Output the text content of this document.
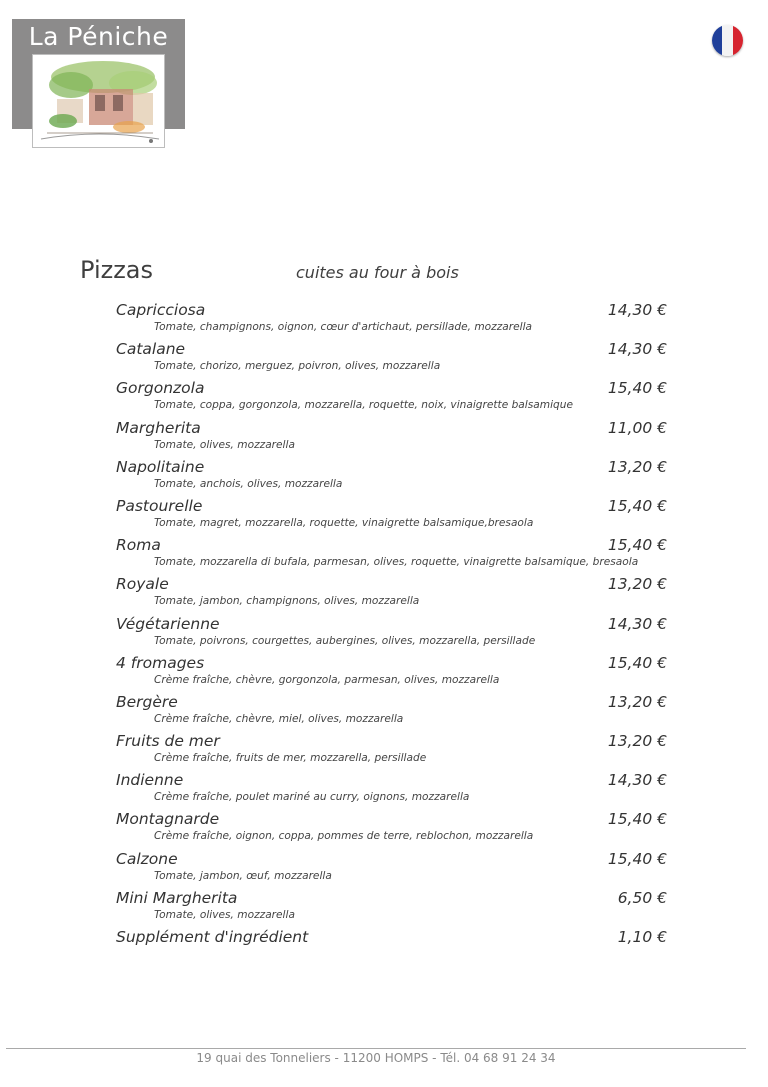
La Péniche
Pizzas	cuites au four à bois
Capricciosa	14,30 €
Tomate, champignons, oignon, cœur d'artichaut, persillade, mozzarella
Catalane	14,30 €
Tomate, chorizo, merguez, poivron, olives, mozzarella
Gorgonzola	15,40 €
Tomate, coppa, gorgonzola, mozzarella, roquette, noix, vinaigrette balsamique
Margherita	11,00 €
Tomate, olives, mozzarella
Napolitaine	13,20 €
Tomate, anchois, olives, mozzarella
Pastourelle	15,40 €
Tomate, magret, mozzarella, roquette, vinaigrette balsamique,bresaola
Roma	15,40 €
Tomate, mozzarella di bufala, parmesan, olives, roquette, vinaigrette balsamique, bresaola
Royale	13,20 €
Tomate, jambon, champignons, olives, mozzarella
Végétarienne	14,30 €
Tomate, poivrons, courgettes, aubergines, olives, mozzarella, persillade
4 fromages	15,40 €
Crème fraîche, chèvre, gorgonzola, parmesan, olives, mozzarella
Bergère	13,20 €
Crème fraîche, chèvre, miel, olives, mozzarella
Fruits de mer	13,20 €
Crème fraîche, fruits de mer, mozzarella, persillade
Indienne	14,30 €
Crème fraîche, poulet mariné au curry, oignons, mozzarella
Montagnarde	15,40 €
Crème fraîche, oignon, coppa, pommes de terre, reblochon, mozzarella
Calzone	15,40 €
Tomate, jambon, œuf, mozzarella
Mini Margherita	6,50 €
Tomate, olives, mozzarella
Supplément d'ingrédient	1,10 €
19 quai des Tonneliers - 11200 HOMPS - Tél. 04 68 91 24 34
